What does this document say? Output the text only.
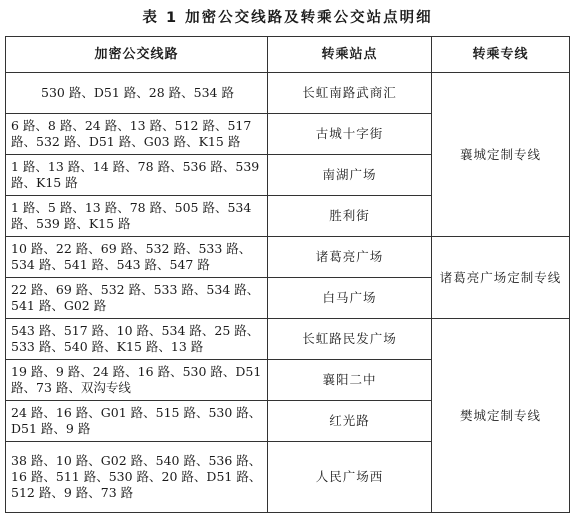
表 1 加密公交线路及转乘公交站点明细
加密公交线路	转乘站点	转乘专线
530 路、D51 路、28 路、534 路	长虹南路武商汇	襄城定制专线
6 路、8 路、24 路、13 路、512 路、517 路、532 路、D51 路、G03 路、K15 路	古城十字街	
1 路、13 路、14 路、78 路、536 路、539 路、K15 路	南湖广场	
1 路、5 路、13 路、78 路、505 路、534 路、539 路、K15 路	胜利街	
10 路、22 路、69 路、532 路、533 路、534 路、541 路、543 路、547 路	诸葛亮广场	诸葛亮广场定制专线
22 路、69 路、532 路、533 路、534 路、541 路、G02 路	白马广场	
543 路、517 路、10 路、534 路、25 路、533 路、540 路、K15 路、13 路	长虹路民发广场	樊城定制专线
19 路、9 路、24 路、16 路、530 路、D51 路、73 路、双沟专线	襄阳二中	
24 路、16 路、G01 路、515 路、530 路、D51 路、9 路	红光路	
38 路、10 路、G02 路、540 路、536 路、16 路、511 路、530 路、20 路、D51 路、512 路、9 路、73 路	人民广场西	
